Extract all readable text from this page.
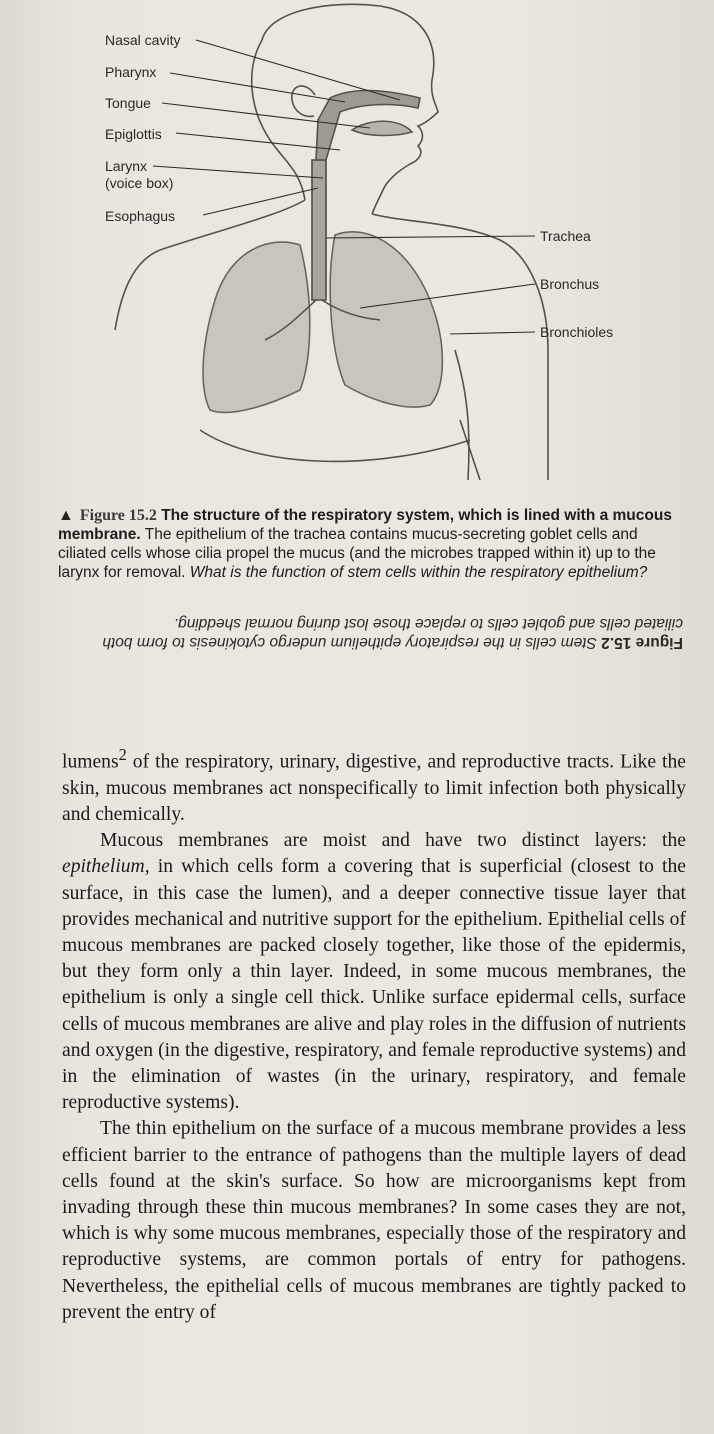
Nasal cavity
Pharynx
Tongue
Epiglottis
Larynx
(voice box)
Esophagus
Trachea
Bronchus
Bronchioles
▲ Figure 15.2 The structure of the respiratory system, which is lined with a mucous membrane. The epithelium of the trachea contains mucus-secreting goblet cells and ciliated cells whose cilia propel the mucus (and the microbes trapped within it) up to the larynx for removal. What is the function of stem cells within the respiratory epithelium?
Figure 15.2 Stem cells in the respiratory epithelium undergo cytokinesis to form both ciliated cells and goblet cells to replace those lost during normal shedding.

lumens$^2$ of the respiratory, urinary, digestive, and reproductive tracts. Like the skin, mucous membranes act nonspecifically to limit infection both physically and chemically.

Mucous membranes are moist and have two distinct layers: the epithelium, in which cells form a covering that is superficial (closest to the surface, in this case the lumen), and a deeper connective tissue layer that provides mechanical and nutritive support for the epithelium. Epithelial cells of mucous membranes are packed closely together, like those of the epidermis, but they form only a thin layer. Indeed, in some mucous membranes, the epithelium is only a single cell thick. Unlike surface epidermal cells, surface cells of mucous membranes are alive and play roles in the diffusion of nutrients and oxygen (in the digestive, respiratory, and female reproductive systems) and in the elimination of wastes (in the urinary, respiratory, and female reproductive systems).

The thin epithelium on the surface of a mucous membrane provides a less efficient barrier to the entrance of pathogens than the multiple layers of dead cells found at the skin's surface. So how are microorganisms kept from invading through these thin mucous membranes? In some cases they are not, which is why some mucous membranes, especially those of the respiratory and reproductive systems, are common portals of entry for pathogens. Nevertheless, the epithelial cells of mucous membranes are tightly packed to prevent the entry of
